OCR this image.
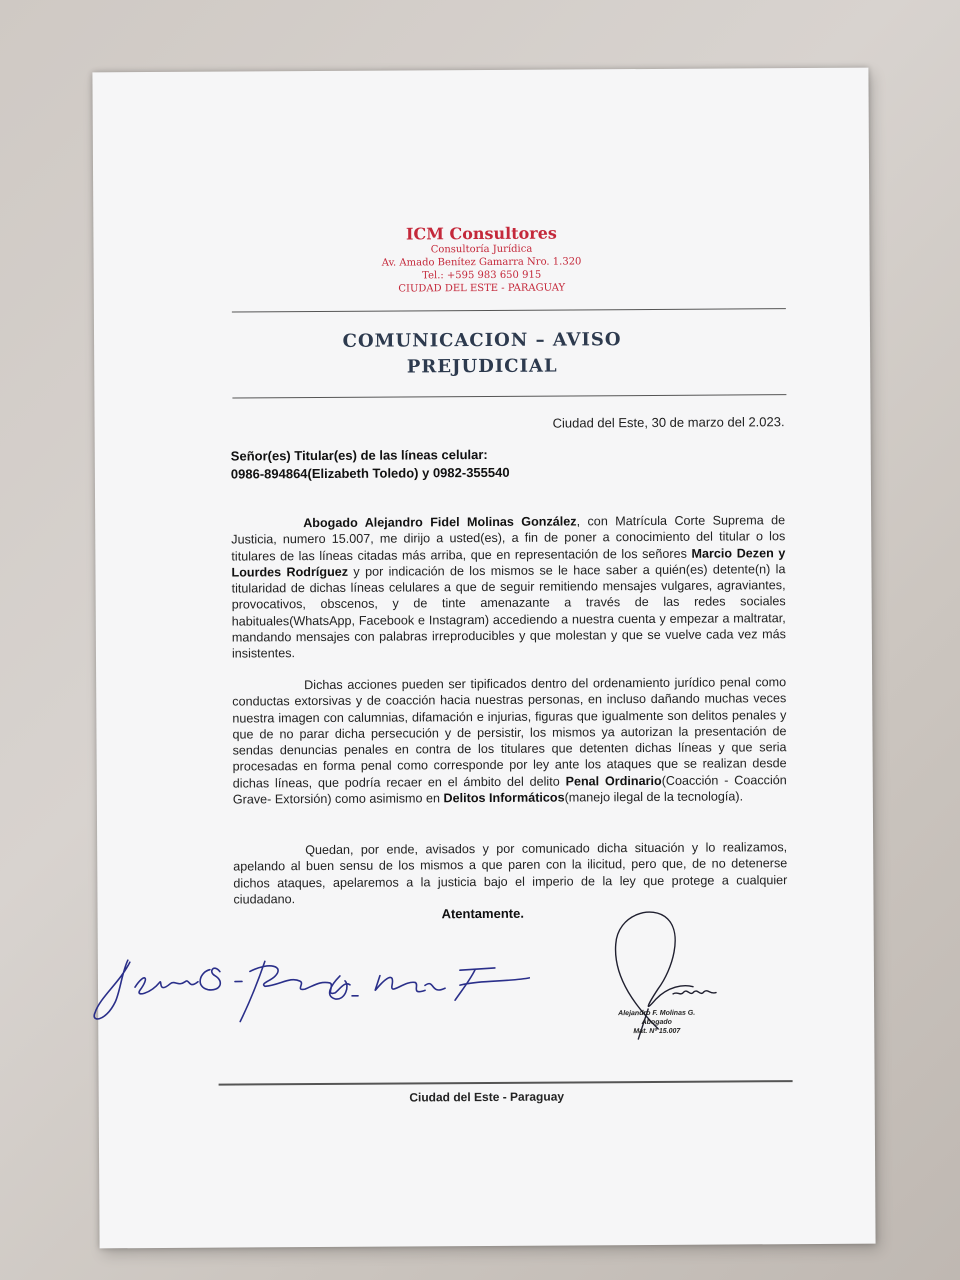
ICM Consultores
Consultoría Jurídica
Av. Amado Benítez Gamarra Nro. 1.320
Tel.: +595 983 650 915
CIUDAD DEL ESTE - PARAGUAY
COMUNICACION – AVISO
PREJUDICIAL
Ciudad del Este, 30 de marzo del 2.023.
Señor(es) Titular(es) de las líneas celular:
0986-894864(Elizabeth Toledo) y 0982-355540
Abogado Alejandro Fidel Molinas González, con Matrícula Corte Suprema de Justicia, numero 15.007, me dirijo a usted(es), a fin de poner a conocimiento del titular o los titulares de las líneas citadas más arriba, que en representación de los señores Marcio Dezen y Lourdes Rodríguez y por indicación de los mismos se le hace saber a quién(es) detente(n) la titularidad de dichas líneas celulares a que de seguir remitiendo mensajes vulgares, agraviantes, provocativos, obscenos, y de tinte amenazante a través de las redes sociales habituales(WhatsApp, Facebook e Instagram) accediendo a nuestra cuenta y empezar a maltratar, mandando mensajes con palabras irreproducibles y que molestan y que se vuelve cada vez más insistentes.
Dichas acciones pueden ser tipificados dentro del ordenamiento jurídico penal como conductas extorsivas y de coacción hacia nuestras personas, en incluso dañando muchas veces nuestra imagen con calumnias, difamación e injurias, figuras que igualmente son delitos penales y que de no parar dicha persecución y de persistir, los mismos ya autorizan la presentación de sendas denuncias penales en contra de los titulares que detenten dichas líneas y que seria procesadas en forma penal como corresponde por ley ante los ataques que se realizan desde dichas líneas, que podría recaer en el ámbito del delito Penal Ordinario(Coacción - Coacción Grave- Extorsión) como asimismo en Delitos Informáticos(manejo ilegal de la tecnología).
Quedan, por ende, avisados y por comunicado dicha situación y lo realizamos, apelando al buen sensu de los mismos a que paren con la ilicitud, pero que, de no detenerse dichos ataques, apelaremos a la justicia bajo el imperio de la ley que protege a cualquier ciudadano.
Atentamente.
Alejandro F. Molinas G.
Abogado
Mat. Nº 15.007
Ciudad del Este - Paraguay
